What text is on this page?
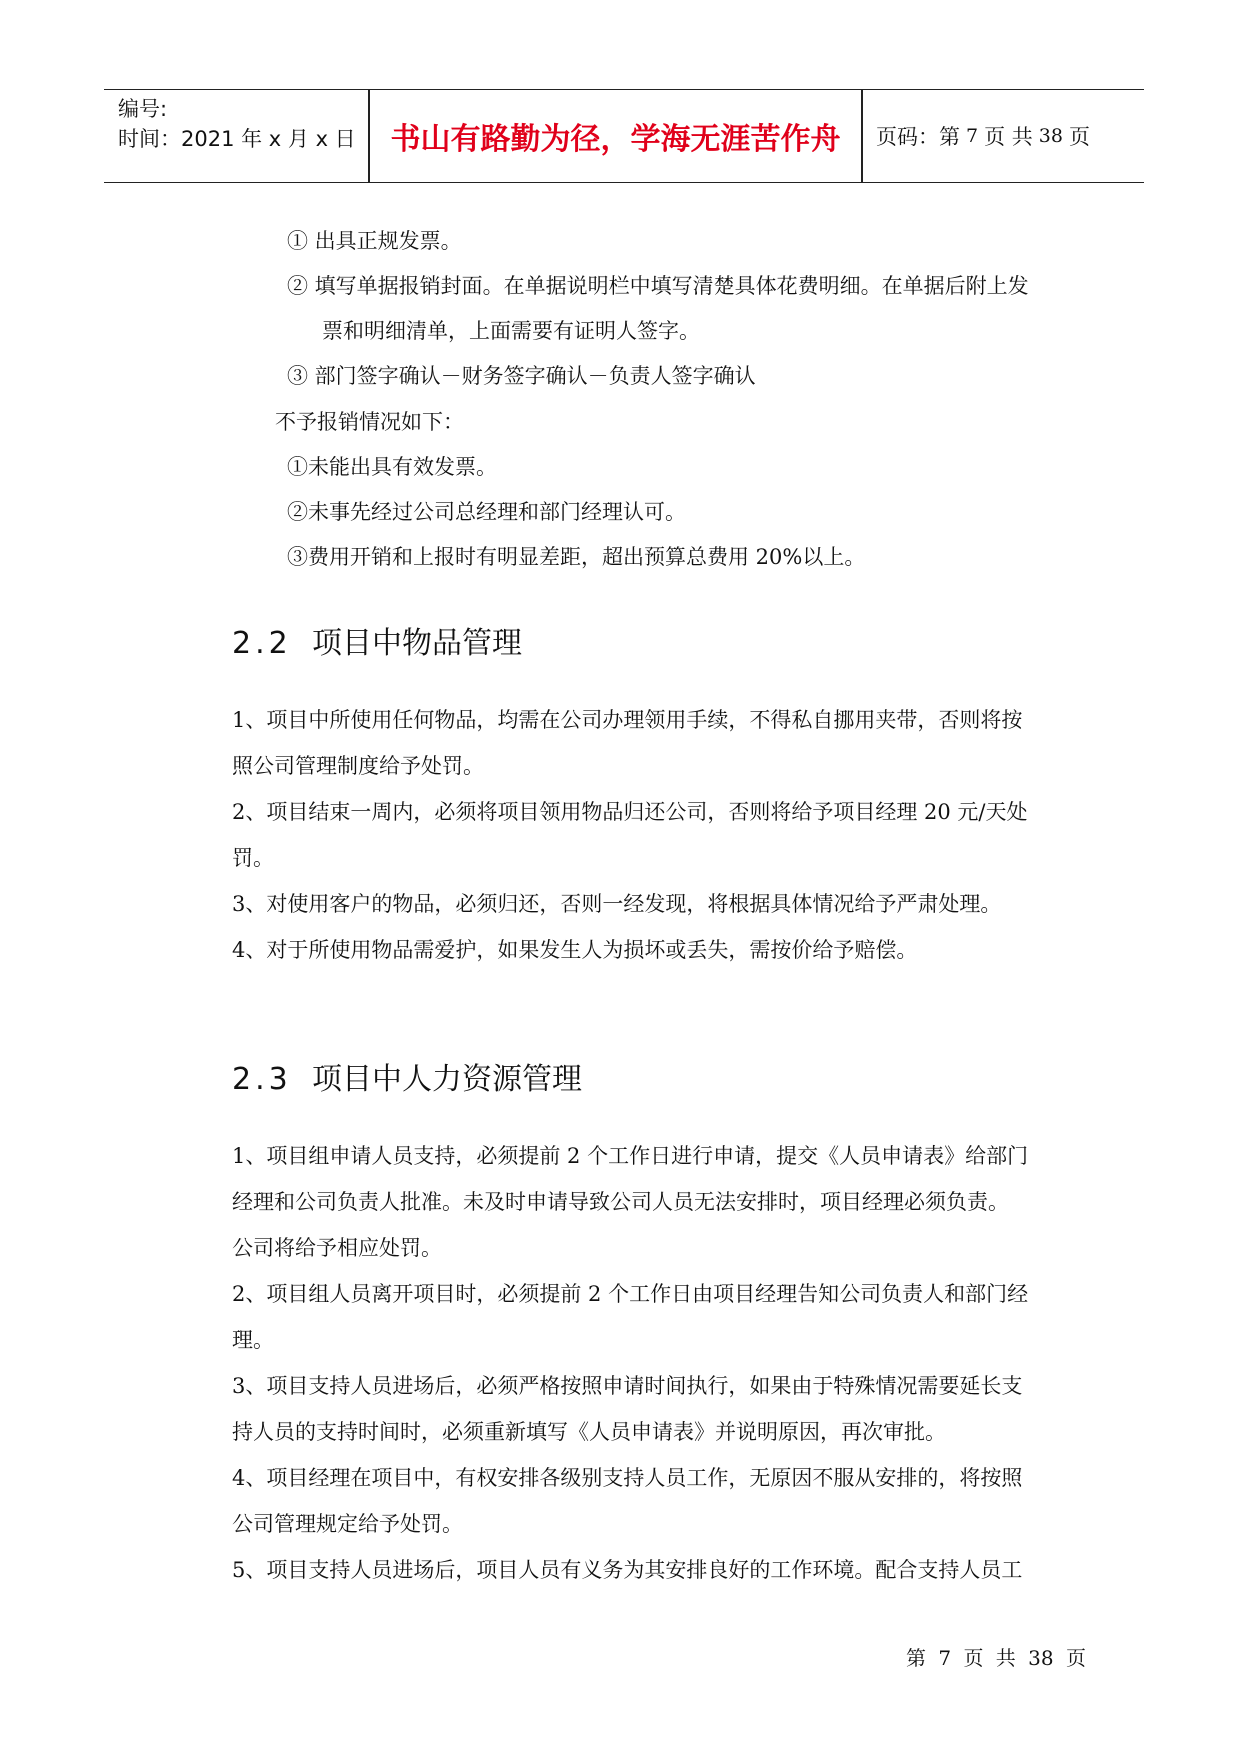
编号:
时间：2021 年 x 月 x 日	书山有路勤为径，学海无涯苦作舟	页码：第 7 页 共 38 页
① 出具正规发票。
② 填写单据报销封面。在单据说明栏中填写清楚具体花费明细。在单据后附上发
票和明细清单，上面需要有证明人签字。
③ 部门签字确认－财务签字确认－负责人签字确认
不予报销情况如下：
①未能出具有效发票。
②未事先经过公司总经理和部门经理认可。
③费用开销和上报时有明显差距，超出预算总费用 20%以上。
2.2 项目中物品管理
1、项目中所使用任何物品，均需在公司办理领用手续，不得私自挪用夹带，否则将按
照公司管理制度给予处罚。
2、项目结束一周内，必须将项目领用物品归还公司，否则将给予项目经理 20 元/天处
罚。
3、对使用客户的物品，必须归还，否则一经发现，将根据具体情况给予严肃处理。
4、对于所使用物品需爱护，如果发生人为损坏或丢失，需按价给予赔偿。
2.3 项目中人力资源管理
1、项目组申请人员支持，必须提前 2 个工作日进行申请，提交《人员申请表》给部门
经理和公司负责人批准。未及时申请导致公司人员无法安排时，项目经理必须负责。
公司将给予相应处罚。
2、项目组人员离开项目时，必须提前 2 个工作日由项目经理告知公司负责人和部门经
理。
3、项目支持人员进场后，必须严格按照申请时间执行，如果由于特殊情况需要延长支
持人员的支持时间时，必须重新填写《人员申请表》并说明原因，再次审批。
4、项目经理在项目中，有权安排各级别支持人员工作，无原因不服从安排的，将按照
公司管理规定给予处罚。
5、项目支持人员进场后，项目人员有义务为其安排良好的工作环境。配合支持人员工
第 7 页 共 38 页
